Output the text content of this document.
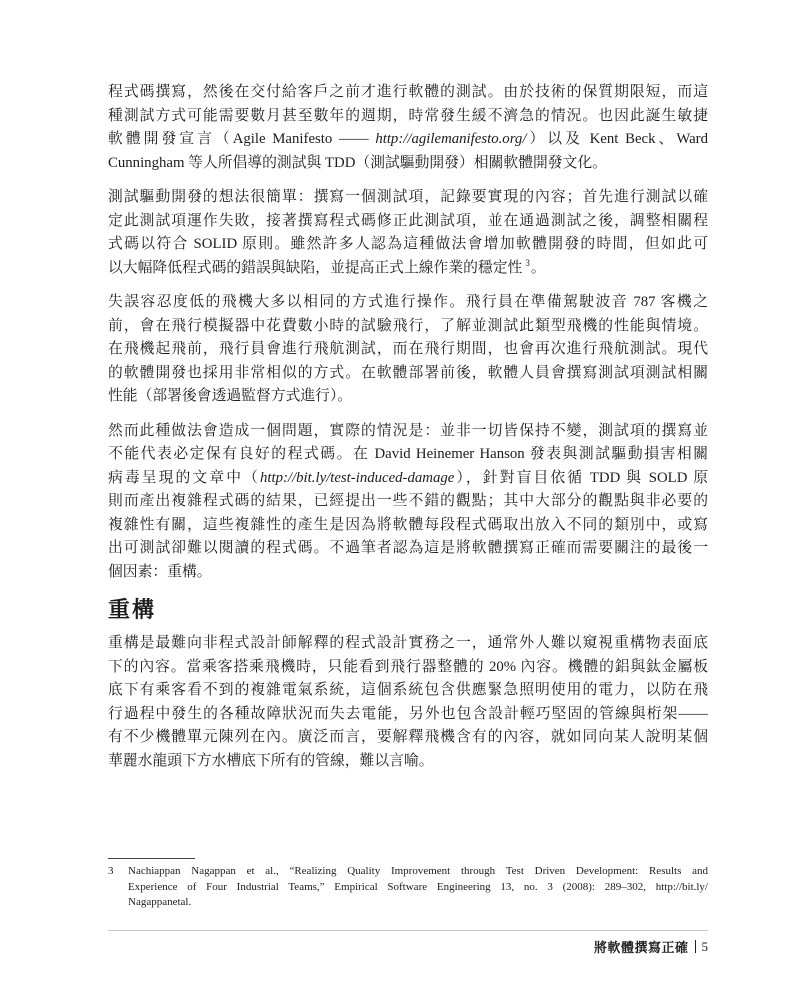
程式碼撰寫，然後在交付給客戶之前才進行軟體的測試。由於技術的保質期限短，而這
種測試方式可能需要數月甚至數年的週期，時常發生緩不濟急的情況。也因此誕生敏捷
軟體開發宣言（Agile Manifesto —— http://agilemanifesto.org/）以及 Kent Beck、Ward
Cunningham 等人所倡導的測試與 TDD（測試驅動開發）相關軟體開發文化。
測試驅動開發的想法很簡單：撰寫一個測試項，記錄要實現的內容；首先進行測試以確
定此測試項運作失敗，接著撰寫程式碼修正此測試項，並在通過測試之後，調整相關程
式碼以符合 SOLID 原則。雖然許多人認為這種做法會增加軟體開發的時間，但如此可
以大幅降低程式碼的錯誤與缺陷，並提高正式上線作業的穩定性 $^3$。
失誤容忍度低的飛機大多以相同的方式進行操作。飛行員在準備駕駛波音 787 客機之
前，會在飛行模擬器中花費數小時的試驗飛行，了解並測試此類型飛機的性能與情境。
在飛機起飛前，飛行員會進行飛航測試，而在飛行期間，也會再次進行飛航測試。現代
的軟體開發也採用非常相似的方式。在軟體部署前後，軟體人員會撰寫測試項測試相關
性能（部署後會透過監督方式進行）。
然而此種做法會造成一個問題，實際的情況是：並非一切皆保持不變，測試項的撰寫並
不能代表必定保有良好的程式碼。在 David Heinemer Hanson 發表與測試驅動損害相關
病毒呈現的文章中（http://bit.ly/test-induced-damage），針對盲目依循 TDD 與 SOLD 原
則而產出複雜程式碼的結果，已經提出一些不錯的觀點；其中大部分的觀點與非必要的
複雜性有關，這些複雜性的產生是因為將軟體每段程式碼取出放入不同的類別中，或寫
出可測試卻難以閱讀的程式碼。不過筆者認為這是將軟體撰寫正確而需要關注的最後一
個因素：重構。
重構
重構是最難向非程式設計師解釋的程式設計實務之一，通常外人難以窺視重構物表面底
下的內容。當乘客搭乘飛機時，只能看到飛行器整體的 20% 內容。機體的鋁與鈦金屬板
底下有乘客看不到的複雜電氣系統，這個系統包含供應緊急照明使用的電力，以防在飛
行過程中發生的各種故障狀況而失去電能，另外也包含設計輕巧堅固的管線與桁架——
有不少機體單元陳列在內。廣泛而言，要解釋飛機含有的內容，就如同向某人說明某個
華麗水龍頭下方水槽底下所有的管線，難以言喻。
3 Nachiappan Nagappan et al., “Realizing Quality Improvement through Test Driven Development: Results and
Experience of Four Industrial Teams,” Empirical Software Engineering 13, no. 3 (2008): 289–302, http://bit.ly/
Nagappanetal.
將軟體撰寫正確 5
